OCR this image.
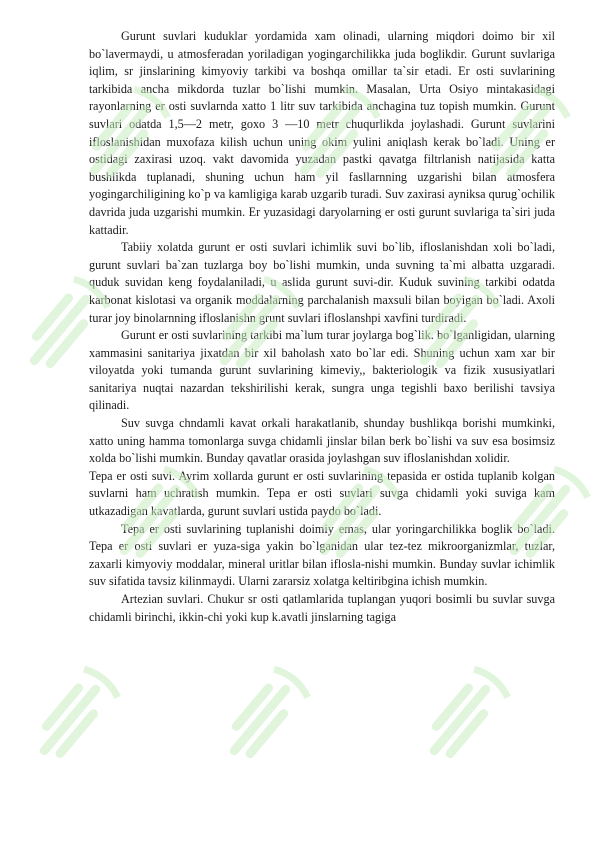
Gurunt suvlari kuduklar yordamida xam olinadi, ularning miqdori doimo bir xil bo`lavermaydi, u atmosferadan yoriladigan yogingarchilikka juda boglikdir. Gurunt suvlariga iqlim, sr jinslarining kimyoviy tarkibi va boshqa omillar ta`sir etadi. Er osti suvlarining tarkibida ancha mikdorda tuzlar bo`lishi mumkin. Masalan, Urta Osiyo mintakasidagi rayonlarning er osti suvlarnda xatto 1 litr suv tarkibida anchagina tuz topish mumkin. Gurunt suvlari odatda 1,5—2 metr, goxo 3 —10 metr chuqurlikda joylashadi. Gurunt suvlarini ifloslanishidan muxofaza kilish uchun uning okim yulini aniqlash kerak bo`ladi. Uning er ostidagi zaxirasi uzoq. vakt davomida yuzadan pastki qavatga filtrlanish natijasida katta bushlikda tuplanadi, shuning uchun ham yil fasllarnning uzgarishi bilan atmosfera yogingarchiligining ko`p va kamligiga karab uzgarib turadi. Suv zaxirasi ayniksa qurug`ochilik davrida juda uzgarishi mumkin. Er yuzasidagi daryolarning er osti gurunt suvlariga ta`siri juda kattadir.

Tabiiy xolatda gurunt er osti suvlari ichimlik suvi bo`lib, ifloslanishdan xoli bo`ladi, gurunt suvlari ba`zan tuzlarga boy bo`lishi mumkin, unda suvning ta`mi albatta uzgaradi. quduk suvidan keng foydalaniladi, u aslida gurunt suvi-dir. Kuduk suvining tarkibi odatda karbonat kislotasi va organik moddalarning parchalanish maxsuli bilan boyigan bo`ladi. Axoli turar joy binolarnning ifloslanishn grunt suvlari ifloslanshpi xavfini turdiradi.

Gurunt er osti suvlarining tarkibi ma`lum turar joylarga bog`lik. bo`lganligidan, ularning xammasini sanitariya jixatdan bir xil baholash xato bo`lar edi. Shuning uchun xam xar bir viloyatda yoki tumanda gurunt suvlarining kimeviy,, bakteriologik va fizik xususiyatlari sanitariya nuqtai nazardan tekshirilishi kerak, sungra unga tegishli baxo berilishi tavsiya qilinadi.

Suv suvga chndamli kavat orkali harakatlanib, shunday bushlikqa borishi mumkinki, xatto uning hamma tomonlarga suvga chidamli jinslar bilan berk bo`lishi va suv esa bosimsiz xolda bo`lishi mumkin. Bunday qavatlar orasida joylashgan suv ifloslanishdan xolidir.

Tepa er osti suvi. Ayrim xollarda gurunt er osti suvlarining tepasida er ostida tuplanib kolgan suvlarni ham uchratish mumkin. Tepa er osti suvlari suvga chidamli yoki suviga kam utkazadigan kavatlarda, gurunt suvlari ustida paydo bo`ladi.

Tepa er osti suvlarining tuplanishi doimiy emas, ular yoringarchilikka boglik bo`ladi. Tepa er osti suvlari er yuza-siga yakin bo`lganidan ular tez-tez mikroorganizmlar, tuzlar, zaxarli kimyoviy moddalar, mineral uritlar bilan iflosla-nishi mumkin. Bunday suvlar ichimlik suv sifatida tavsiz kilinmaydi. Ularni zararsiz xolatga keltiribgina ichish mumkin.

Artezian suvlari. Chukur sr osti qatlamlarida tuplangan yuqori bosimli bu suvlar suvga chidamli birinchi, ikkin-chi yoki kup k.avatli jinslarning tagiga
